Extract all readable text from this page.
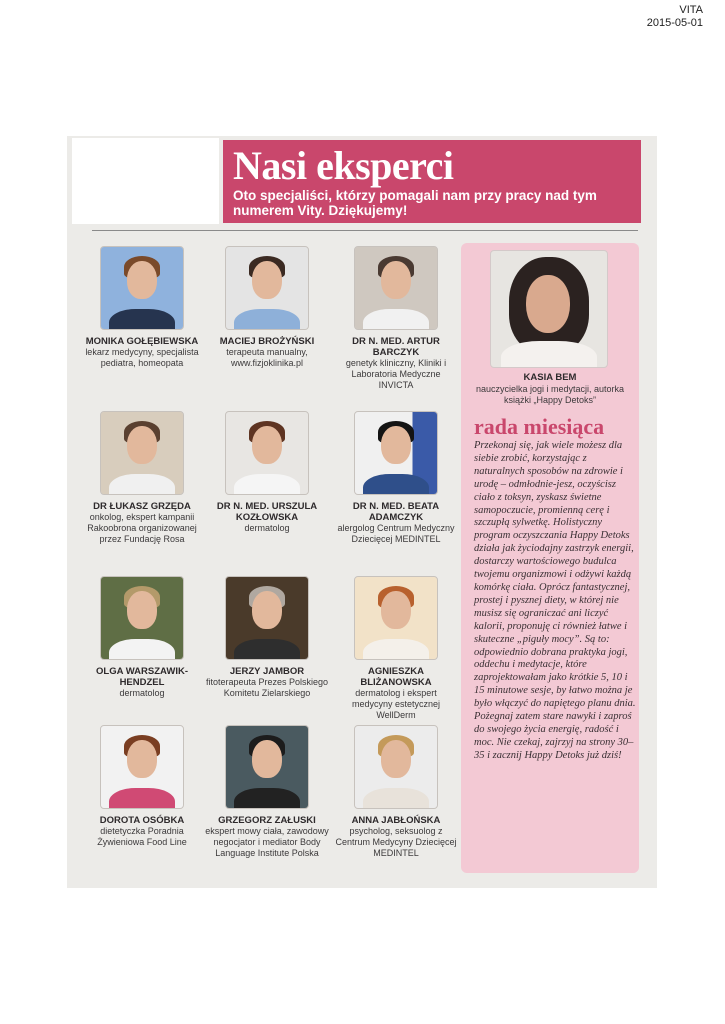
VITA
2015-05-01
Nasi eksperci

Oto specjaliści, którzy pomagali nam przy pracy nad tym numerem Vity. Dziękujemy!

MONIKA GOŁĘBIEWSKA
lekarz medycyny, specjalista pediatra, homeopata
MACIEJ BROŻYŃSKI
terapeuta manualny, www.fizjoklinika.pl
DR N. MED. ARTUR BARCZYK
genetyk kliniczny, Kliniki i Laboratoria Medyczne INVICTA
DR ŁUKASZ GRZĘDA
onkolog, ekspert kampanii Rakoobrona organizowanej przez Fundację Rosa
DR N. MED. URSZULA KOZŁOWSKA
dermatolog
DR N. MED. BEATA ADAMCZYK
alergolog Centrum Medyczny Dziecięcej MEDINTEL
OLGA WARSZAWIK-HENDZEL
dermatolog
JERZY JAMBOR
fitoterapeuta Prezes Polskiego Komitetu Zielarskiego
AGNIESZKA BLIŻANOWSKA
dermatolog i ekspert medycyny estetycznej WellDerm
DOROTA OSÓBKA
dietetyczka Poradnia Żywieniowa Food Line
GRZEGORZ ZAŁUSKI
ekspert mowy ciała, zawodowy negocjator i mediator Body Language Institute Polska
ANNA JABŁOŃSKA
psycholog, seksuolog z Centrum Medycyny Dziecięcej MEDINTEL
KASIA BEM
nauczycielka jogi i medytacji, autorka książki „Happy Detoks”
rada miesiąca
Przekonaj się, jak wiele możesz dla siebie zrobić, korzystając z naturalnych sposobów na zdrowie i urodę – odmłodnie-jesz, oczyścisz ciało z toksyn, zyskasz świetne samopoczucie, promienną cerę i szczupłą sylwetkę. Holistyczny program oczyszczania Happy Detoks działa jak życiodajny zastrzyk energii, dostarczy wartościowego budulca twojemu organizmowi i odżywi każdą komórkę ciała. Oprócz fantastycznej, prostej i pysznej diety, w której nie musisz się ograniczać ani liczyć kalorii, proponuję ci również łatwe i skuteczne „piguły mocy”. Są to: odpowiednio dobrana praktyka jogi, oddechu i medytacje, które zaprojektowałam jako krótkie 5, 10 i 15 minutowe sesje, by łatwo można je było włączyć do napiętego planu dnia. Pożegnaj zatem stare nawyki i zaproś do swojego życia energię, radość i moc. Nie czekaj, zajrzyj na strony 30–35 i zacznij Happy Detoks już dziś!
